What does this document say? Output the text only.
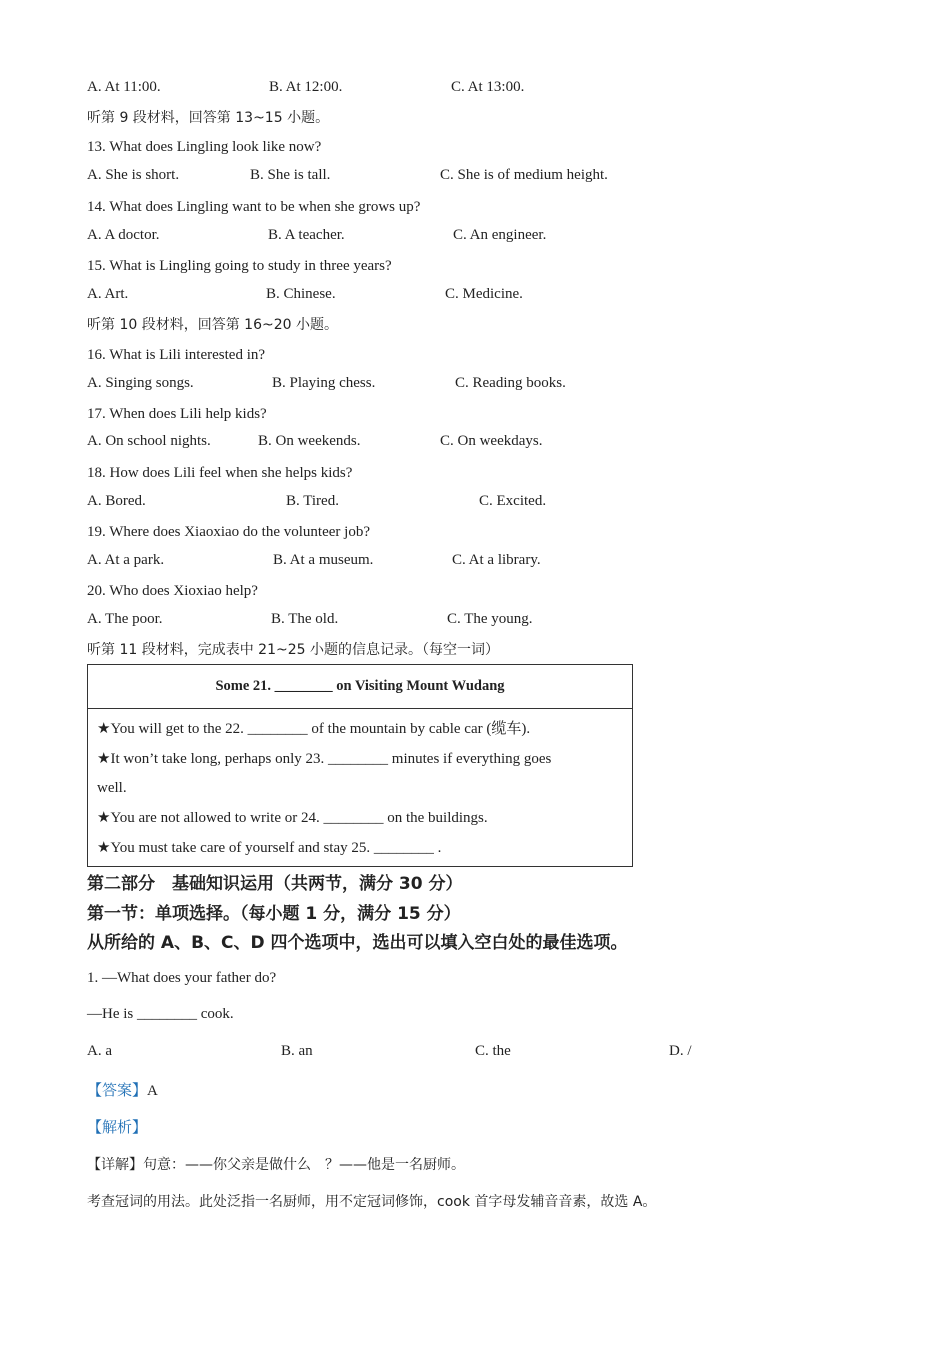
A. At 11:00.	B. At 12:00.	C. At 13:00.
听第 9 段材料，回答第 13~15 小题。
13. What does Lingling look like now?
A. She is short.	B. She is tall.	C. She is of medium height.
14. What does Lingling want to be when she grows up?
A. A doctor.	B. A teacher.	C. An engineer.
15. What is Lingling going to study in three years?
A. Art.	B. Chinese.	C. Medicine.
听第 10 段材料，回答第 16~20 小题。
16. What is Lili interested in?
A. Singing songs.	B. Playing chess.	C. Reading books.
17. When does Lili help kids?
A. On school nights.	B. On weekends.	C. On weekdays.
18. How does Lili feel when she helps kids?
A. Bored.	B. Tired.	C. Excited.
19. Where does Xiaoxiao do the volunteer job?
A. At a park.	B. At a museum.	C. At a library.
20. Who does Xioxiao help?
A. The poor.	B. The old.	C. The young.
听第 11 段材料，完成表中 21~25 小题的信息记录。（每空一词）
Some 21. ________ on Visiting Mount Wudang
★You will get to the 22. ________ of the mountain by cable car (缆车).
★It won’t take long, perhaps only 23. ________ minutes if everything goes
well.
★You are not allowed to write or 24. ________ on the buildings.
★You must take care of yourself and stay 25. ________ .
第二部分　基础知识运用（共两节，满分 30 分）
第一节：单项选择。（每小题 1 分，满分 15 分）
从所给的 A、B、C、D 四个选项中，选出可以填入空白处的最佳选项。
1. —What does your father do?
—He is ________ cook.
A. a	B. an	C. the	D. /
【答案】A
【解析】
【详解】句意：——你父亲是做什么　？——他是一名厨师。
考查冠词的用法。此处泛指一名厨师，用不定冠词修饰，cook 首字母发辅音音素，故选 A。
